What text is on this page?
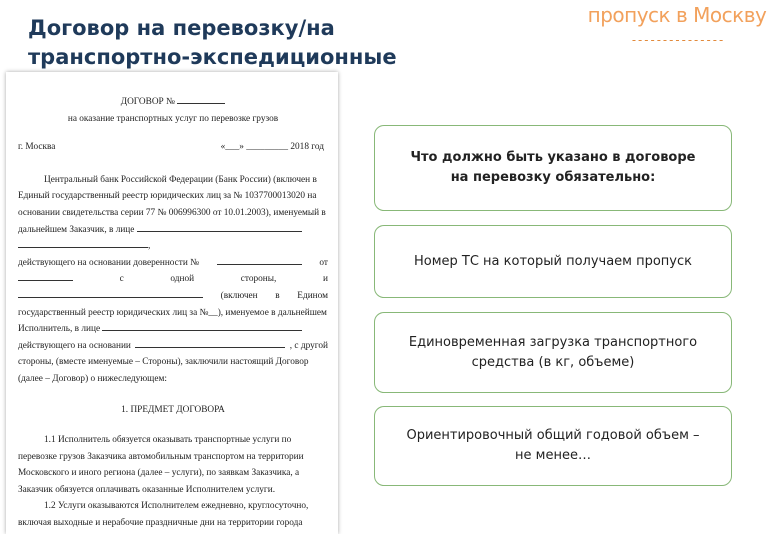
Договор на перевозку/на
транспортно-экспедиционные
пропуск в Москву
---------------
ДОГОВОР №
на оказание транспортных услуг по перевозке грузов
г. Москва	«___» _________ 2018 год

Центральный банк Российской Федерации (Банк России) (включен в

Единый государственный реестр юридических лиц за № 1037700013020 на

основании свидетельства серии 77 № 006996300 от 10.01.2003), именуемый в

дальнейшем Заказчик, в лице

,
действующего на основании доверенности №	от
с	одной	стороны,	и
(включен в Едином

государственный реестр юридических лиц за №__), именуемое в дальнейшем

Исполнитель, в лице

действующего на основании	, с другой

стороны, (вместе именуемые – Стороны), заключили настоящий Договор

(далее – Договор) о нижеследующем:

1. ПРЕДМЕТ ДОГОВОРА

1.1 Исполнитель обязуется оказывать транспортные услуги по

перевозке грузов Заказчика автомобильным транспортом на территории

Московского и иного региона (далее – услуги), по заявкам Заказчика, а

Заказчик обязуется оплачивать оказанные Исполнителем услуги.

1.2 Услуги оказываются Исполнителем ежедневно, круглосуточно,

включая выходные и нерабочие праздничные дни на территории города

Что должно быть указано в договоре на перевозку обязательно:
Номер ТС на который получаем пропуск
Единовременная загрузка транспортного средства (в кг, объеме)
Ориентировочный общий годовой объем – не менее…
